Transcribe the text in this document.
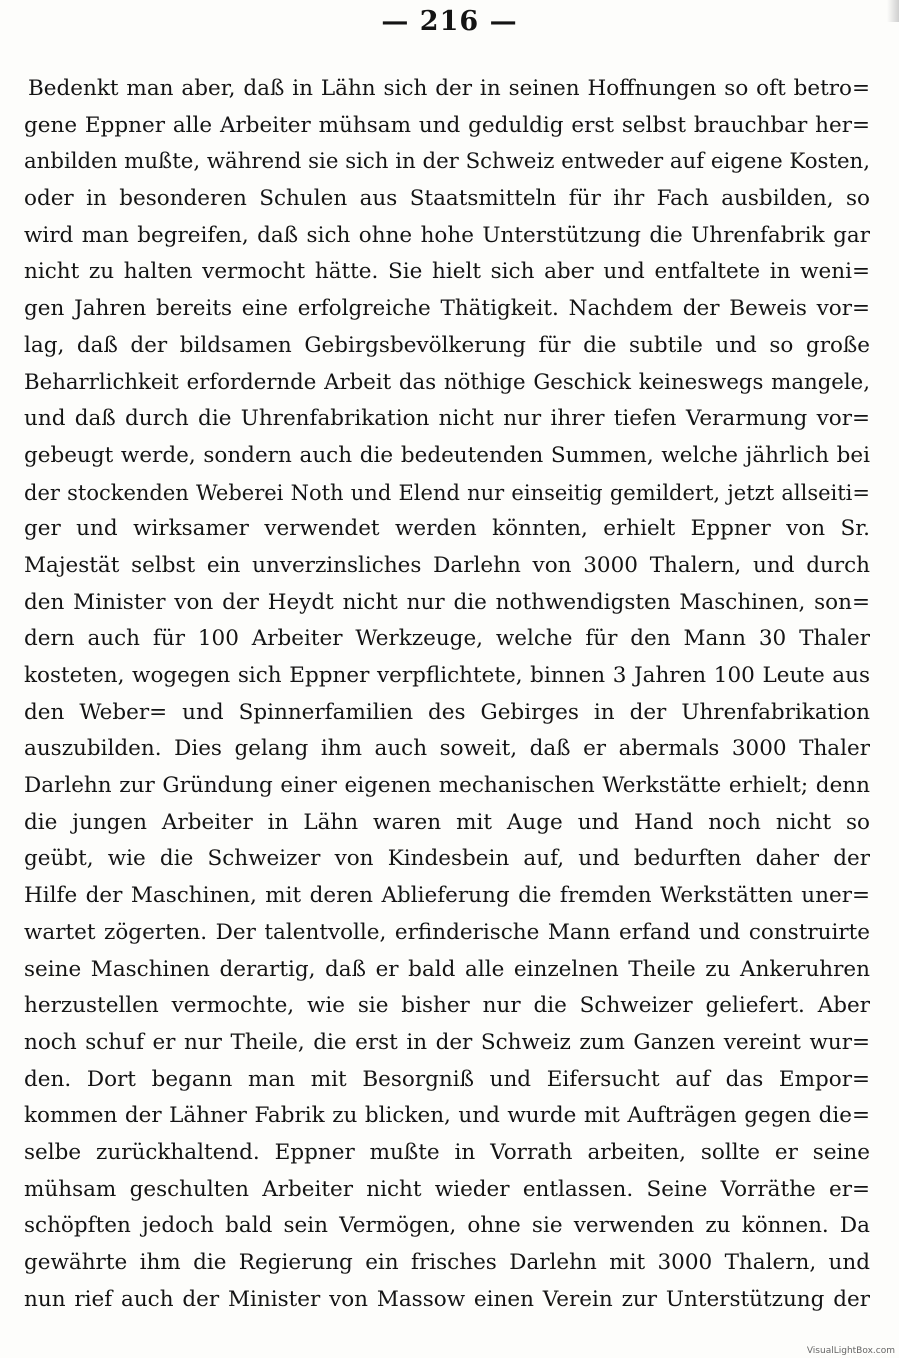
— 216 —
Bedenkt man aber, daß in Lähn sich der in seinen Hoffnungen so oft betro=
gene Eppner alle Arbeiter mühsam und geduldig erst selbst brauchbar her=
anbilden mußte, während sie sich in der Schweiz entweder auf eigene Kosten,
oder in besonderen Schulen aus Staatsmitteln für ihr Fach ausbilden, so
wird man begreifen, daß sich ohne hohe Unterstützung die Uhrenfabrik gar
nicht zu halten vermocht hätte. Sie hielt sich aber und entfaltete in weni=
gen Jahren bereits eine erfolgreiche Thätigkeit. Nachdem der Beweis vor=
lag, daß der bildsamen Gebirgsbevölkerung für die subtile und so große
Beharrlichkeit erfordernde Arbeit das nöthige Geschick keineswegs mangele,
und daß durch die Uhrenfabrikation nicht nur ihrer tiefen Verarmung vor=
gebeugt werde, sondern auch die bedeutenden Summen, welche jährlich bei
der stockenden Weberei Noth und Elend nur einseitig gemildert, jetzt allseiti=
ger und wirksamer verwendet werden könnten, erhielt Eppner von Sr.
Majestät selbst ein unverzinsliches Darlehn von 3000 Thalern, und durch
den Minister von der Heydt nicht nur die nothwendigsten Maschinen, son=
dern auch für 100 Arbeiter Werkzeuge, welche für den Mann 30 Thaler
kosteten, wogegen sich Eppner verpflichtete, binnen 3 Jahren 100 Leute aus
den Weber= und Spinnerfamilien des Gebirges in der Uhrenfabrikation
auszubilden. Dies gelang ihm auch soweit, daß er abermals 3000 Thaler
Darlehn zur Gründung einer eigenen mechanischen Werkstätte erhielt; denn
die jungen Arbeiter in Lähn waren mit Auge und Hand noch nicht so
geübt, wie die Schweizer von Kindesbein auf, und bedurften daher der
Hilfe der Maschinen, mit deren Ablieferung die fremden Werkstätten uner=
wartet zögerten. Der talentvolle, erfinderische Mann erfand und construirte
seine Maschinen derartig, daß er bald alle einzelnen Theile zu Ankeruhren
herzustellen vermochte, wie sie bisher nur die Schweizer geliefert. Aber
noch schuf er nur Theile, die erst in der Schweiz zum Ganzen vereint wur=
den. Dort begann man mit Besorgniß und Eifersucht auf das Empor=
kommen der Lähner Fabrik zu blicken, und wurde mit Aufträgen gegen die=
selbe zurückhaltend. Eppner mußte in Vorrath arbeiten, sollte er seine
mühsam geschulten Arbeiter nicht wieder entlassen. Seine Vorräthe er=
schöpften jedoch bald sein Vermögen, ohne sie verwenden zu können. Da
gewährte ihm die Regierung ein frisches Darlehn mit 3000 Thalern, und
nun rief auch der Minister von Massow einen Verein zur Unterstützung der

VisualLightBox.com
